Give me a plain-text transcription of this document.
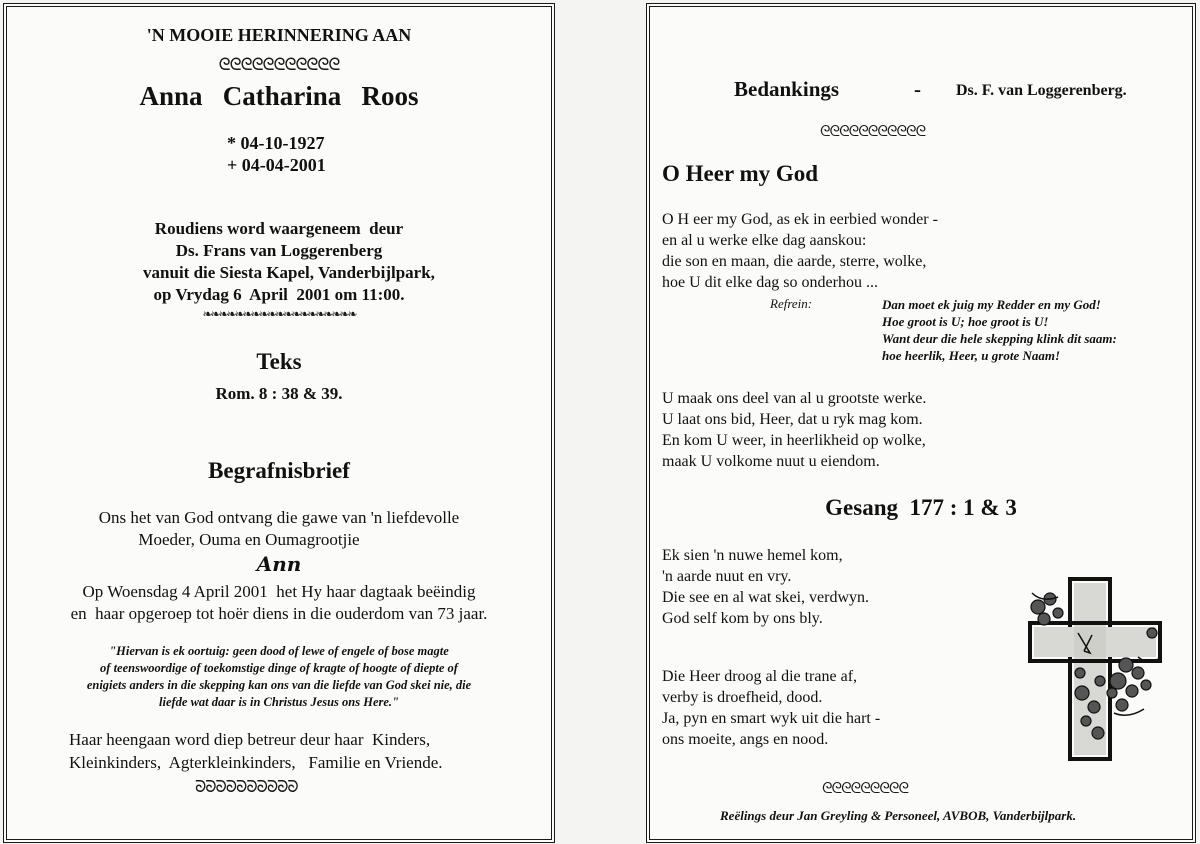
'N MOOIE HERINNERING AAN
ᘓᘓᘓᘓᘓᘓᘓᘓᘓᘓᘓ
Anna   Catharina   Roos
* 04-10-1927
+ 04-04-2001
Roudiens word waargeneem  deur
Ds. Frans van Loggerenberg
vanuit die Siesta Kapel, Vanderbijlpark,
op Vrydag 6  April  2001 om 11:00.
❧❧❧❧❧❧❧❧❧❧❧❧❧❧❧❧❧❧❧
Teks
Rom. 8 : 38 & 39.
Begrafnisbrief
Ons het van God ontvang die gawe van 'n liefdevolle
Moeder, Ouma en Oumagrootjie
Ann
Op Woensdag 4 April 2001  het Hy haar dagtaak beëindig
en  haar opgeroep tot hoër diens in die ouderdom van 73 jaar.
"Hiervan is ek oortuig: geen dood of lewe of engele of bose magte
of teenswoordige of toekomstige dinge of kragte of hoogte of diepte of
enigiets anders in die skepping kan ons van die liefde van God skei nie, die
liefde wat daar is in Christus Jesus ons Here."
Haar heengaan word diep betreur deur haar  Kinders,
Kleinkinders,  Agterkleinkinders,   Familie en Vriende.
ᘐᘐᘐᘐᘐᘐᘐᘐᘐᘐ
Bedankings	- Ds. F. van Loggerenberg.
ᘓᘓᘓᘓᘓᘓᘓᘓᘓᘓᘓ
O Heer my God
O H eer my God, as ek in eerbied wonder -
en al u werke elke dag aanskou:
die son en maan, die aarde, sterre, wolke,
hoe U dit elke dag so onderhou ...
Refrein:	Dan moet ek juig my Redder en my God!
Hoe groot is U; hoe groot is U!
Want deur die hele skepping klink dit saam:
hoe heerlik, Heer, u grote Naam!
U maak ons deel van al u grootste werke.
U laat ons bid, Heer, dat u ryk mag kom.
En kom U weer, in heerlikheid op wolke,
maak U volkome nuut u eiendom.
Gesang  177 : 1 & 3
Ek sien 'n nuwe hemel kom,
'n aarde nuut en vry.
Die see en al wat skei, verdwyn.
God self kom by ons bly.
Die Heer droog al die trane af,
verby is droefheid, dood.
Ja, pyn en smart wyk uit die hart -
ons moeite, angs en nood.
ᘓᘓᘓᘓᘓᘓᘓᘓᘓ
Reëlings deur Jan Greyling & Personeel, AVBOB, Vanderbijlpark.
